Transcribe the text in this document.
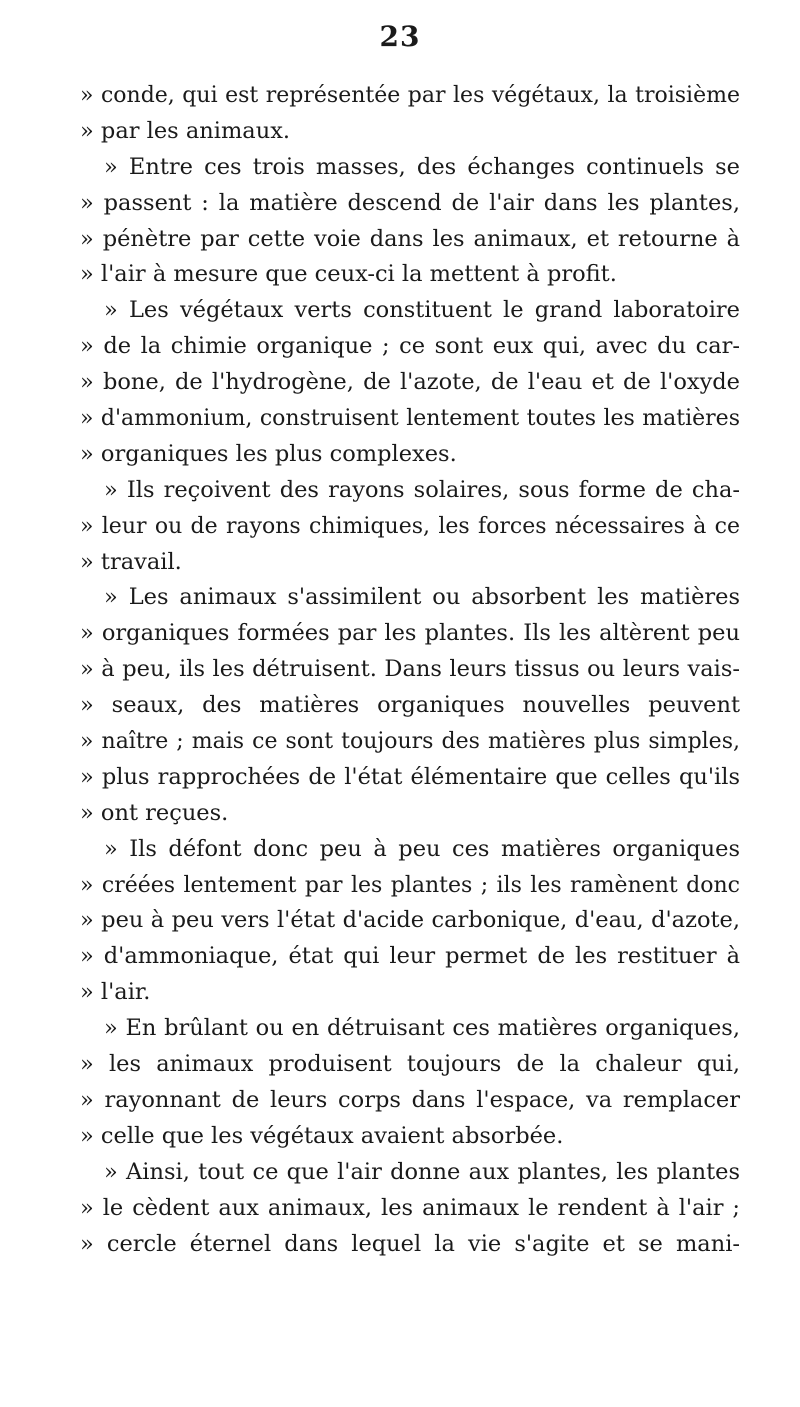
23
» conde, qui est représentée par les végétaux, la troisième
» par les animaux.
» Entre ces trois masses, des échanges continuels se
» passent : la matière descend de l'air dans les plantes,
» pénètre par cette voie dans les animaux, et retourne à
» l'air à mesure que ceux-ci la mettent à profit.
» Les végétaux verts constituent le grand laboratoire
» de la chimie organique ; ce sont eux qui, avec du car-
» bone, de l'hydrogène, de l'azote, de l'eau et de l'oxyde
» d'ammonium, construisent lentement toutes les matières
» organiques les plus complexes.
» Ils reçoivent des rayons solaires, sous forme de cha-
» leur ou de rayons chimiques, les forces nécessaires à ce
» travail.
» Les animaux s'assimilent ou absorbent les matières
» organiques formées par les plantes. Ils les altèrent peu
» à peu, ils les détruisent. Dans leurs tissus ou leurs vais-
» seaux, des matières organiques nouvelles peuvent
» naître ; mais ce sont toujours des matières plus simples,
» plus rapprochées de l'état élémentaire que celles qu'ils
» ont reçues.
» Ils défont donc peu à peu ces matières organiques
» créées lentement par les plantes ; ils les ramènent donc
» peu à peu vers l'état d'acide carbonique, d'eau, d'azote,
» d'ammoniaque, état qui leur permet de les restituer à
» l'air.
» En brûlant ou en détruisant ces matières organiques,
» les animaux produisent toujours de la chaleur qui,
» rayonnant de leurs corps dans l'espace, va remplacer
» celle que les végétaux avaient absorbée.
» Ainsi, tout ce que l'air donne aux plantes, les plantes
» le cèdent aux animaux, les animaux le rendent à l'air ;
» cercle éternel dans lequel la vie s'agite et se mani-
